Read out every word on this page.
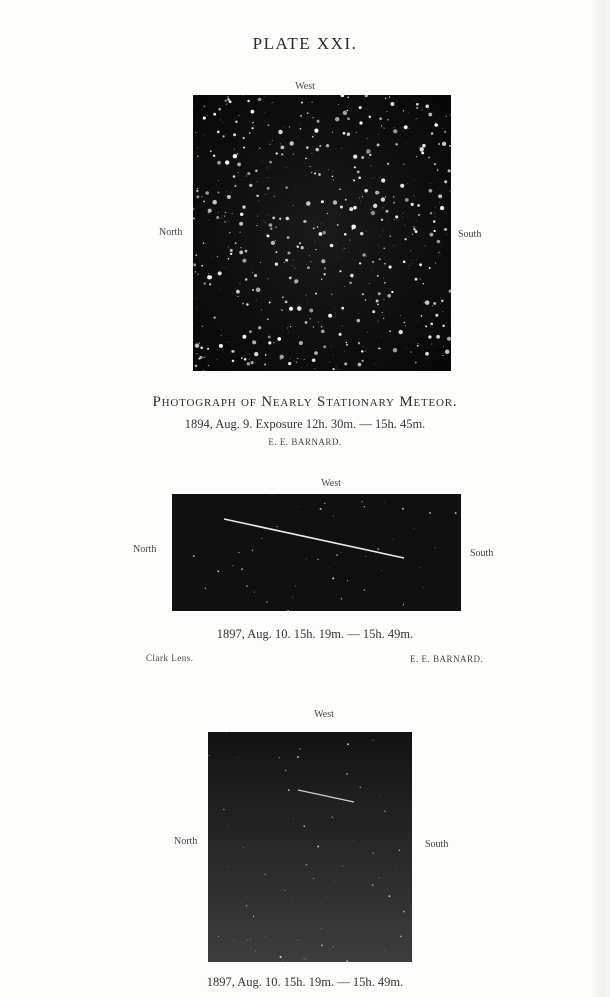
PLATE XXI.
West
North	South
Photograph of Nearly Stationary Meteor.
1894, Aug. 9. Exposure 12h. 30m. — 15h. 45m.
E. E. BARNARD.
West
North	South
1897, Aug. 10. 15h. 19m. — 15h. 49m.
Clark Lens.	E. E. BARNARD.
West
North	South
1897, Aug. 10. 15h. 19m. — 15h. 49m.
